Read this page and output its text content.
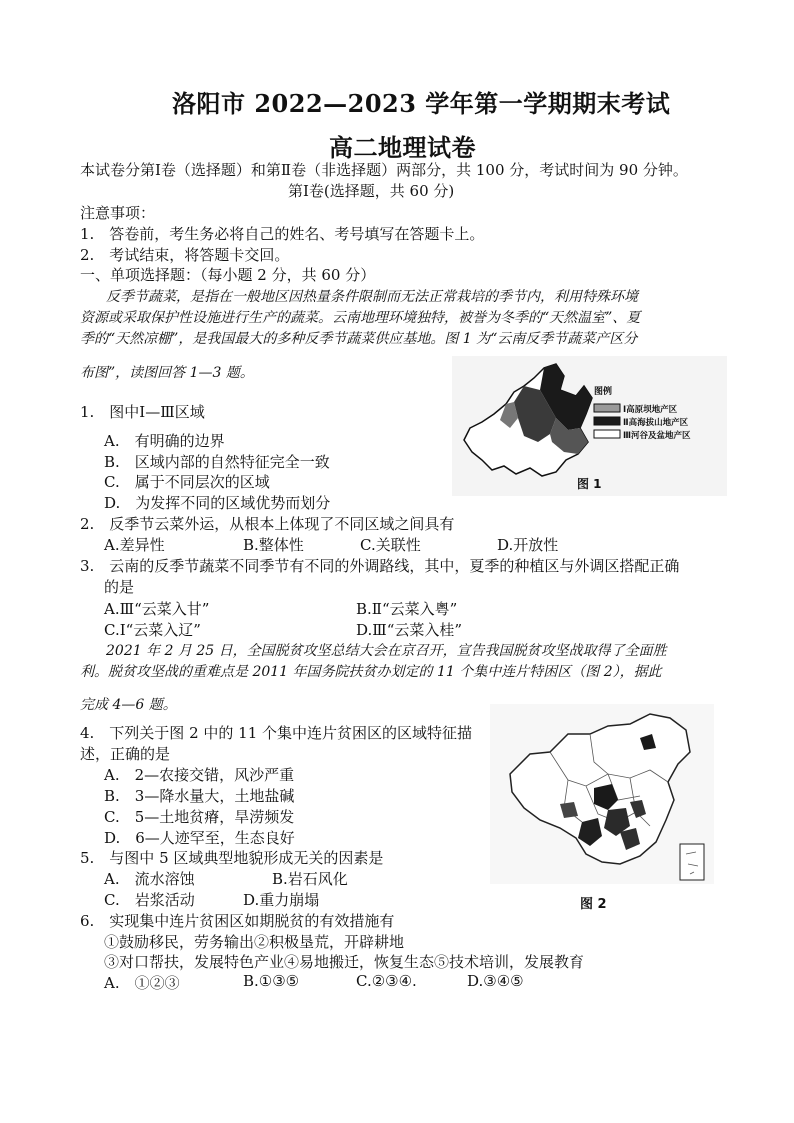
洛阳市 2022—2023 学年第一学期期末考试
高二地理试卷
本试卷分第Ⅰ卷（选择题）和第Ⅱ卷（非选择题）两部分，共 100 分，考试时间为 90 分钟。
第Ⅰ卷(选择题，共 60 分)
注意事项：
1.　答卷前，考生务必将自己的姓名、考号填写在答题卡上。
2.　考试结束，将答题卡交回。
一、单项选择题：（每小题 2 分，共 60 分）
反季节蔬菜，是指在一般地区因热量条件限制而无法正常栽培的季节内，利用特殊环境
资源或采取保护性设施进行生产的蔬菜。云南地理环境独特，被誉为冬季的“天然温室”、夏
季的“天然凉棚”，是我国最大的多种反季节蔬菜供应基地。图 1 为“云南反季节蔬菜产区分
布图”，读图回答 1—3 题。
图例
Ⅰ高原坝地产区
Ⅱ高海拔山地产区
Ⅲ河谷及盆地产区
图 1
1.　图中Ⅰ—Ⅲ区域
A.　有明确的边界
B.　区域内部的自然特征完全一致
C.　属于不同层次的区域
D.　为发挥不同的区域优势而划分
2.　反季节云菜外运，从根本上体现了不同区域之间具有
A.差异性	B.整体性	C.关联性	D.开放性
3.　云南的反季节蔬菜不同季节有不同的外调路线，其中，夏季的种植区与外调区搭配正确
的是
A.Ⅲ“云菜入甘”	B.Ⅱ“云菜入粤”
C.Ⅰ“云菜入辽”	D.Ⅲ“云菜入桂”
2021 年 2 月 25 日，全国脱贫攻坚总结大会在京召开，宣告我国脱贫攻坚战取得了全面胜
利。脱贫攻坚战的重难点是 2011 年国务院扶贫办划定的 11 个集中连片特困区（图 2），据此
完成 4—6 题。
图 2
4.　下列关于图 2 中的 11 个集中连片贫困区的区域特征描
述，正确的是
A.　2—农接交错，风沙严重
B.　3—降水量大，土地盐碱
C.　5—土地贫瘠，旱涝频发
D.　6—人迹罕至，生态良好
5.　与图中 5 区域典型地貌形成无关的因素是
A.　流水溶蚀	B.岩石风化
C.　岩浆活动	D.重力崩塌
6.　实现集中连片贫困区如期脱贫的有效措施有
①鼓励移民，劳务输出②积极垦荒，开辟耕地
③对口帮扶，发展特色产业④易地搬迁，恢复生态⑤技术培训，发展教育
A.　①②③	B.①③⑤	C.②③④.	D.③④⑤
